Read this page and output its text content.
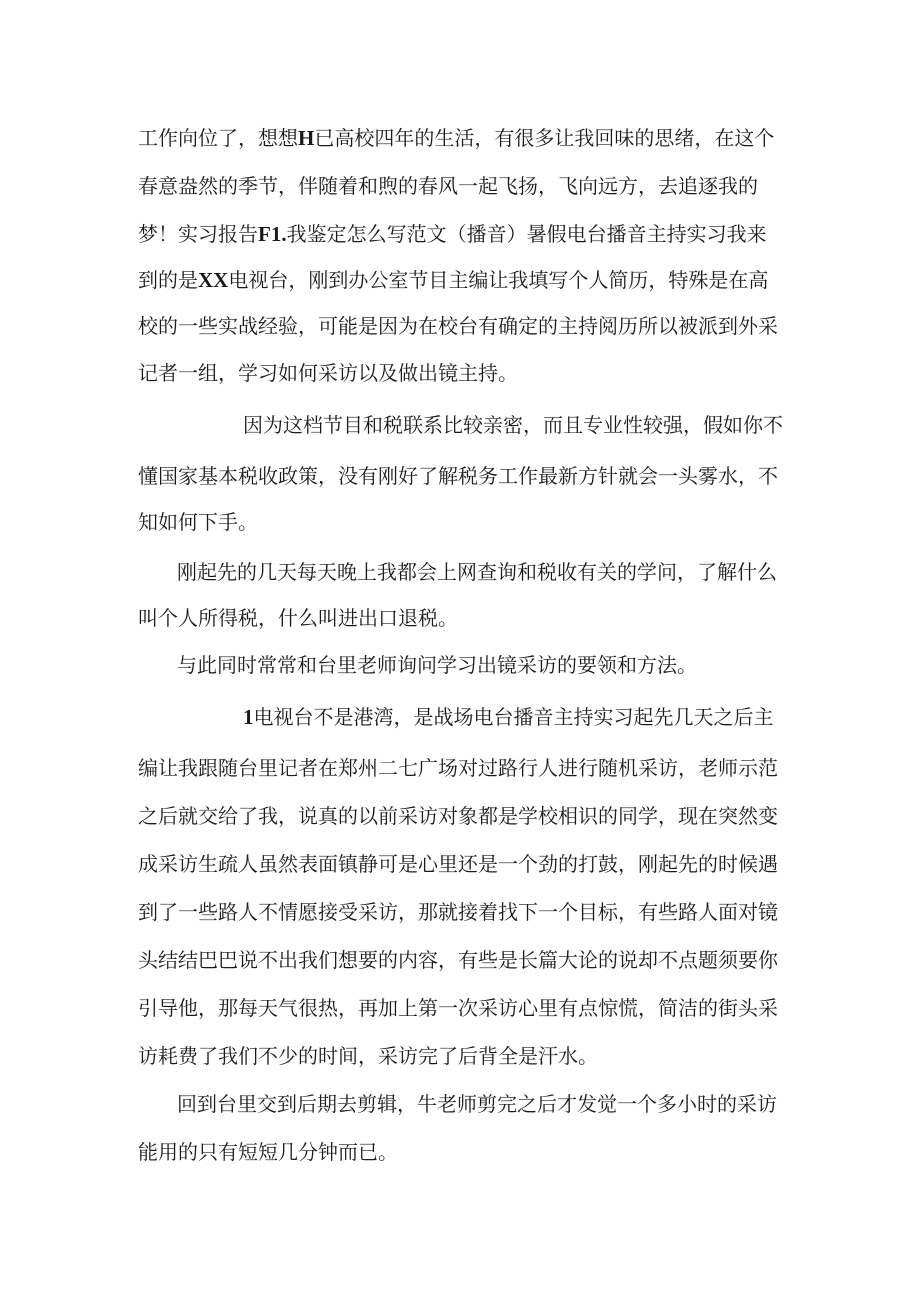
工作向位了，想想H已高校四年的生活，有很多让我回味的思绪，在这个
春意盎然的季节，伴随着和煦的春风一起飞扬，飞向远方，去追逐我的
梦！实习报告F1.我鉴定怎么写范文（播音）暑假电台播音主持实习我来
到的是XX电视台，刚到办公室节目主编让我填写个人简历，特殊是在高
校的一些实战经验，可能是因为在校台有确定的主持阅历所以被派到外采
记者一组，学习如何采访以及做出镜主持。
因为这档节目和税联系比较亲密，而且专业性较强，假如你不
懂国家基本税收政策，没有刚好了解税务工作最新方针就会一头雾水，不
知如何下手。
刚起先的几天每天晚上我都会上网查询和税收有关的学问，了解什么
叫个人所得税，什么叫进出口退税。
与此同时常常和台里老师询问学习出镜采访的要领和方法。
1电视台不是港湾，是战场电台播音主持实习起先几天之后主
编让我跟随台里记者在郑州二七广场对过路行人进行随机采访，老师示范
之后就交给了我，说真的以前采访对象都是学校相识的同学，现在突然变
成采访生疏人虽然表面镇静可是心里还是一个劲的打鼓，刚起先的时候遇
到了一些路人不情愿接受采访，那就接着找下一个目标，有些路人面对镜
头结结巴巴说不出我们想要的内容，有些是长篇大论的说却不点题须要你
引导他，那每天气很热，再加上第一次采访心里有点惊慌，简洁的街头采
访耗费了我们不少的时间，采访完了后背全是汗水。
回到台里交到后期去剪辑，牛老师剪完之后才发觉一个多小时的采访
能用的只有短短几分钟而已。
